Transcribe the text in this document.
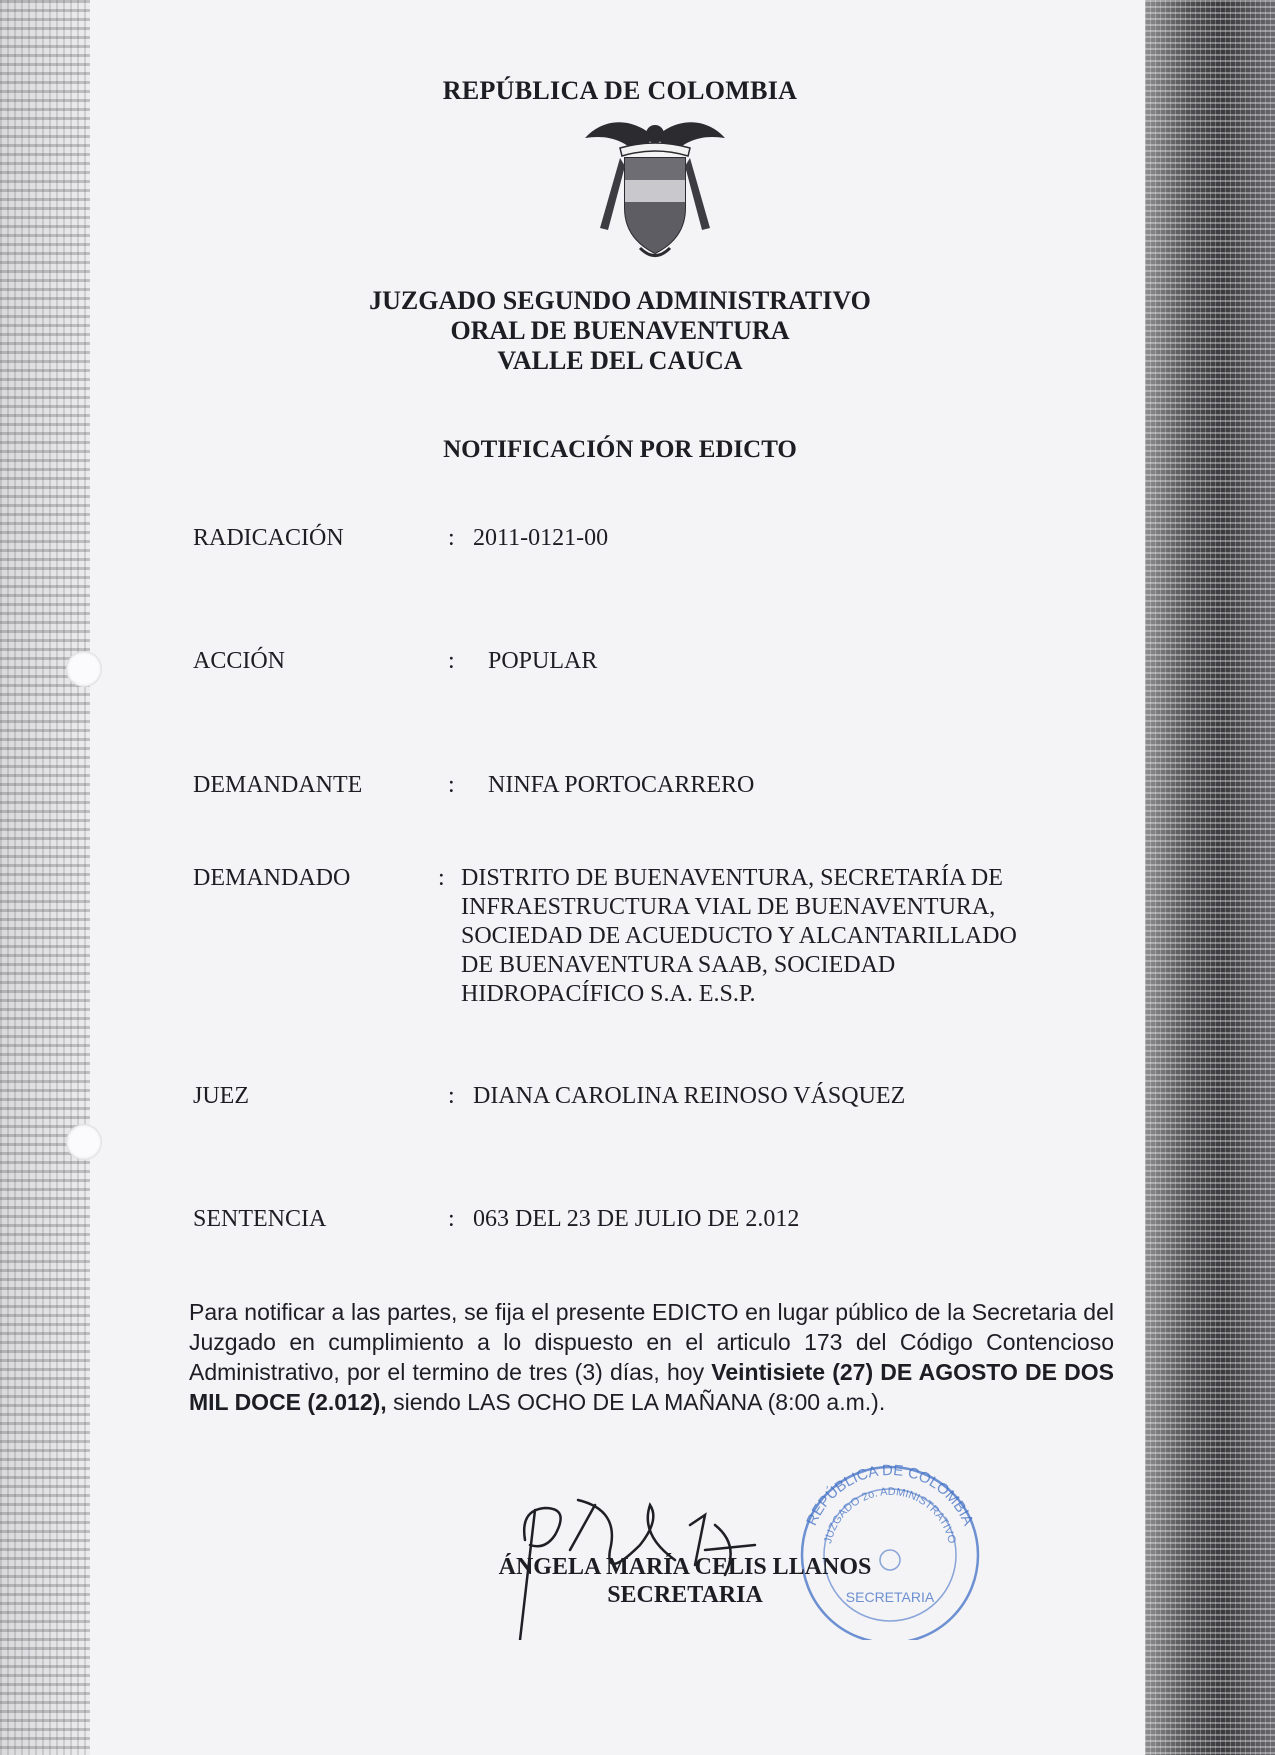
REPÚBLICA DE COLOMBIA
JUZGADO SEGUNDO ADMINISTRATIVO
ORAL DE BUENAVENTURA
VALLE DEL CAUCA
NOTIFICACIÓN POR EDICTO
RADICACIÓN	: 2011-0121-00
ACCIÓN	: POPULAR
DEMANDANTE	: NINFA PORTOCARRERO
DEMANDADO	: DISTRITO DE BUENAVENTURA, SECRETARÍA DE
INFRAESTRUCTURA VIAL DE BUENAVENTURA,
SOCIEDAD DE ACUEDUCTO Y ALCANTARILLADO
DE BUENAVENTURA SAAB, SOCIEDAD
HIDROPACÍFICO S.A. E.S.P.
JUEZ	: DIANA CAROLINA REINOSO VÁSQUEZ
SENTENCIA	: 063 DEL 23 DE JULIO DE 2.012

Para notificar a las partes, se fija el presente EDICTO en lugar público de la Secretaria del Juzgado en cumplimiento a lo dispuesto en el articulo 173 del Código Contencioso Administrativo, por el termino de tres (3) días, hoy Veintisiete (27) DE AGOSTO DE DOS MIL DOCE (2.012), siendo LAS OCHO DE LA MAÑANA (8:00 a.m.).

REPÚBLICA DE COLOMBIA
JUZGADO 2o. ADMINISTRATIVO
SECRETARIA
ÁNGELA MARÍA CELIS LLANOS
SECRETARIA
